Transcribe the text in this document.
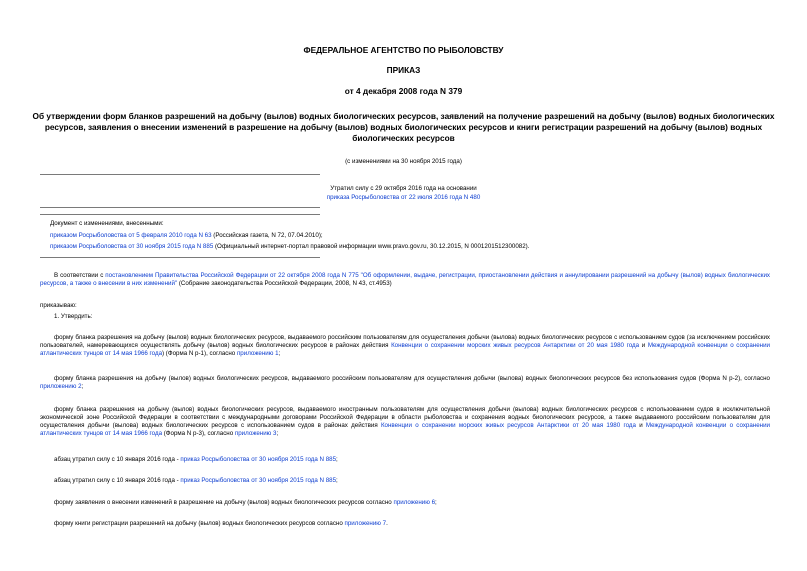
ФЕДЕРАЛЬНОЕ АГЕНТСТВО ПО РЫБОЛОВСТВУ
ПРИКАЗ
от 4 декабря 2008 года N 379
Об утверждении форм бланков разрешений на добычу (вылов) водных биологических ресурсов, заявлений на получение разрешений на добычу (вылов) водных биологических ресурсов, заявления о внесении изменений в разрешение на добычу (вылов) водных биологических ресурсов и книги регистрации разрешений на добычу (вылов) водных биологических ресурсов
(с изменениями на 30 ноября 2015 года)
Утратил силу с 29 октября 2016 года на основании
приказа Росрыболовства от 22 июля 2016 года N 480
Документ с изменениями, внесенными:
приказом Росрыболовства от 5 февраля 2010 года N 63 (Российская газета, N 72, 07.04.2010);
приказом Росрыболовства от 30 ноября 2015 года N 885 (Официальный интернет-портал правовой информации www.pravo.gov.ru, 30.12.2015, N 0001201512300082).

В соответствии с постановлением Правительства Российской Федерации от 22 октября 2008 года N 775 "Об оформлении, выдаче, регистрации, приостановлении действия и аннулировании разрешений на добычу (вылов) водных биологических ресурсов, а также о внесении в них изменений" (Собрание законодательства Российской Федерации, 2008, N 43, ст.4953)

приказываю:
1. Утвердить:

форму бланка разрешения на добычу (вылов) водных биологических ресурсов, выдаваемого российским пользователям для осуществления добычи (вылова) водных биологических ресурсов с использованием судов (за исключением российских пользователей, намеревающихся осуществлять добычу (вылов) водных биологических ресурсов в районах действия Конвенции о сохранении морских живых ресурсов Антарктики от 20 мая 1980 года и Международной конвенции о сохранении атлантических тунцов от 14 мая 1966 года) (Форма N р-1), согласно приложению 1;

форму бланка разрешения на добычу (вылов) водных биологических ресурсов, выдаваемого российским пользователям для осуществления добычи (вылова) водных биологических ресурсов без использования судов (Форма N р-2), согласно приложению 2;

форму бланка разрешения на добычу (вылов) водных биологических ресурсов, выдаваемого иностранным пользователям для осуществления добычи (вылова) водных биологических ресурсов с использованием судов в исключительной экономической зоне Российской Федерации в соответствии с международными договорами Российской Федерации в области рыболовства и сохранения водных биологических ресурсов, а также выдаваемого российским пользователям для осуществления добычи (вылова) водных биологических ресурсов с использованием судов в районах действия Конвенции о сохранении морских живых ресурсов Антарктики от 20 мая 1980 года и Международной конвенции о сохранении атлантических тунцов от 14 мая 1966 года (Форма N р-3), согласно приложению 3;

абзац утратил силу с 10 января 2016 года - приказ Росрыболовства от 30 ноября 2015 года N 885;

абзац утратил силу с 10 января 2016 года - приказ Росрыболовства от 30 ноября 2015 года N 885;

форму заявления о внесении изменений в разрешение на добычу (вылов) водных биологических ресурсов согласно приложению 6;

форму книги регистрации разрешений на добычу (вылов) водных биологических ресурсов согласно приложению 7.
